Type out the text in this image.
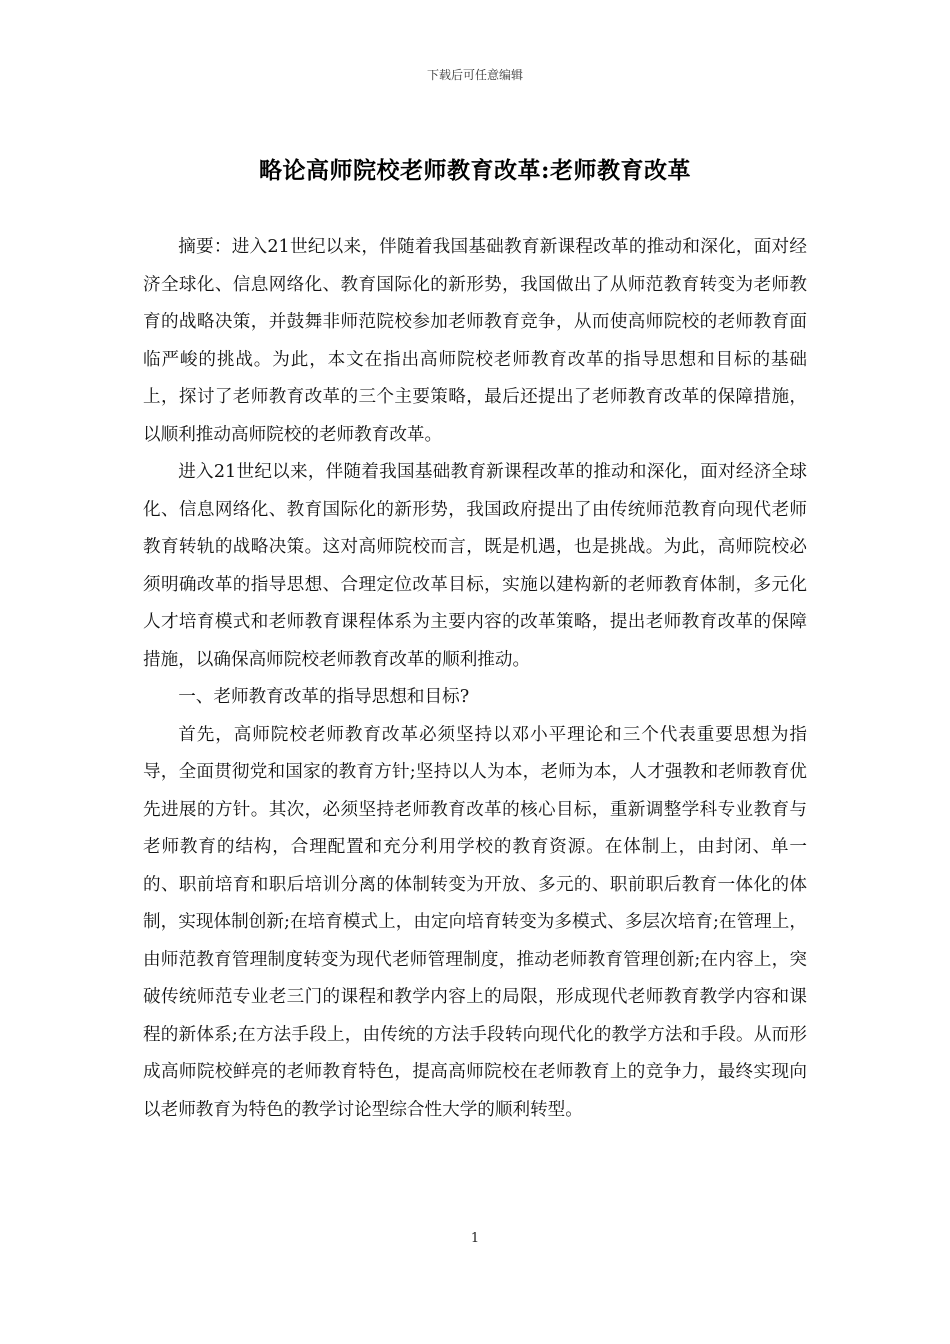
下载后可任意编辑
略论高师院校老师教育改革:老师教育改革

摘要：进入21世纪以来，伴随着我国基础教育新课程改革的推动和深化，面对经济全球化、信息网络化、教育国际化的新形势，我国做出了从师范教育转变为老师教育的战略决策，并鼓舞非师范院校参加老师教育竞争，从而使高师院校的老师教育面临严峻的挑战。为此，本文在指出高师院校老师教育改革的指导思想和目标的基础上，探讨了老师教育改革的三个主要策略，最后还提出了老师教育改革的保障措施，以顺利推动高师院校的老师教育改革。

进入21世纪以来，伴随着我国基础教育新课程改革的推动和深化，面对经济全球化、信息网络化、教育国际化的新形势，我国政府提出了由传统师范教育向现代老师教育转轨的战略决策。这对高师院校而言，既是机遇，也是挑战。为此，高师院校必须明确改革的指导思想、合理定位改革目标，实施以建构新的老师教育体制，多元化人才培育模式和老师教育课程体系为主要内容的改革策略，提出老师教育改革的保障措施，以确保高师院校老师教育改革的顺利推动。

一、老师教育改革的指导思想和目标?

首先，高师院校老师教育改革必须坚持以邓小平理论和三个代表重要思想为指导，全面贯彻党和国家的教育方针;坚持以人为本，老师为本，人才强教和老师教育优先进展的方针。其次，必须坚持老师教育改革的核心目标，重新调整学科专业教育与老师教育的结构，合理配置和充分利用学校的教育资源。在体制上，由封闭、单一的、职前培育和职后培训分离的体制转变为开放、多元的、职前职后教育一体化的体制，实现体制创新;在培育模式上，由定向培育转变为多模式、多层次培育;在管理上，由师范教育管理制度转变为现代老师管理制度，推动老师教育管理创新;在内容上，突破传统师范专业老三门的课程和教学内容上的局限，形成现代老师教育教学内容和课程的新体系;在方法手段上，由传统的方法手段转向现代化的教学方法和手段。从而形成高师院校鲜亮的老师教育特色，提高高师院校在老师教育上的竞争力，最终实现向以老师教育为特色的教学讨论型综合性大学的顺利转型。

1
